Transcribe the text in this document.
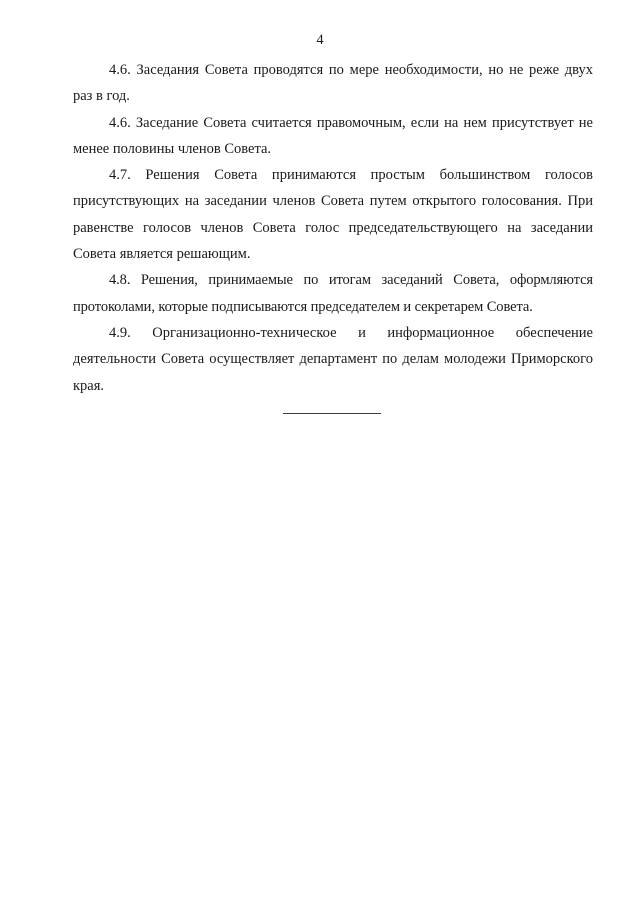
4

4.6. Заседания Совета проводятся по мере необходимости, но не реже двух раз в год.

4.6. Заседание Совета считается правомочным, если на нем присутствует не менее половины членов Совета.

4.7. Решения Совета принимаются простым большинством голосов присутствующих на заседании членов Совета путем открытого голосования. При равенстве голосов членов Совета голос председательствующего на заседании Совета является решающим.

4.8. Решения, принимаемые по итогам заседаний Совета, оформляются протоколами, которые подписываются председателем и секретарем Совета.

4.9. Организационно-техническое и информационное обеспечение деятельности Совета осуществляет департамент по делам молодежи Приморского края.
